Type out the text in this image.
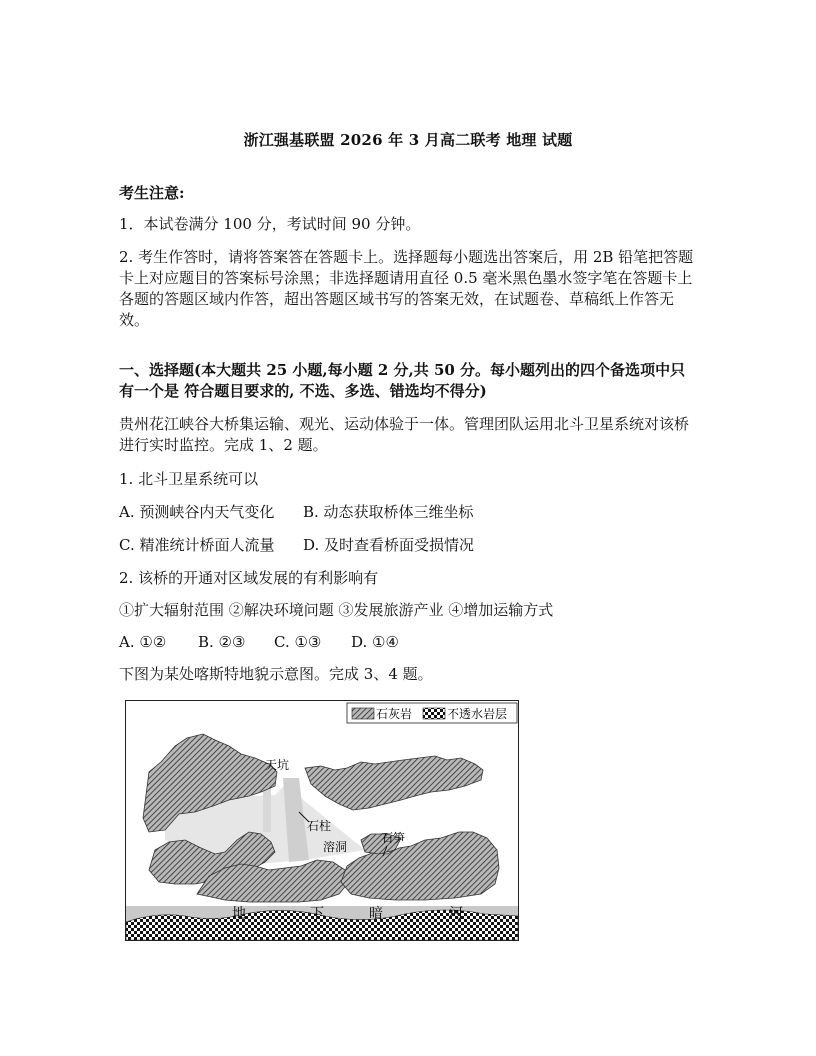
浙江强基联盟 2026 年 3 月高二联考 地理 试题

考生注意:

1．本试卷满分 100 分，考试时间 90 分钟。

2. 考生作答时，请将答案答在答题卡上。选择题每小题选出答案后，用 2B 铅笔把答题卡上对应题目的答案标号涂黑；非选择题请用直径 0.5 毫米黑色墨水签字笔在答题卡上各题的答题区域内作答，超出答题区域书写的答案无效，在试题卷、草稿纸上作答无效。

一、选择题(本大题共 25 小题,每小题 2 分,共 50 分。每小题列出的四个备选项中只有一个是 符合题目要求的, 不选、多选、错选均不得分)

贵州花江峡谷大桥集运输、观光、运动体验于一体。管理团队运用北斗卫星系统对该桥进行实时监控。完成 1、2 题。

1. 北斗卫星系统可以

A. 预测峡谷内天气变化 B. 动态获取桥体三维坐标
C. 精准统计桥面人流量 D. 及时查看桥面受损情况

2. 该桥的开通对区域发展的有利影响有

①扩大辐射范围 ②解决环境问题 ③发展旅游产业 ④增加运输方式

A. ①② B. ②③ C. ①③ D. ①④

下图为某处喀斯特地貌示意图。完成 3、4 题。

石灰岩	不透水岩层
天坑
石柱
溶洞
石笋
地	下	暗	河
